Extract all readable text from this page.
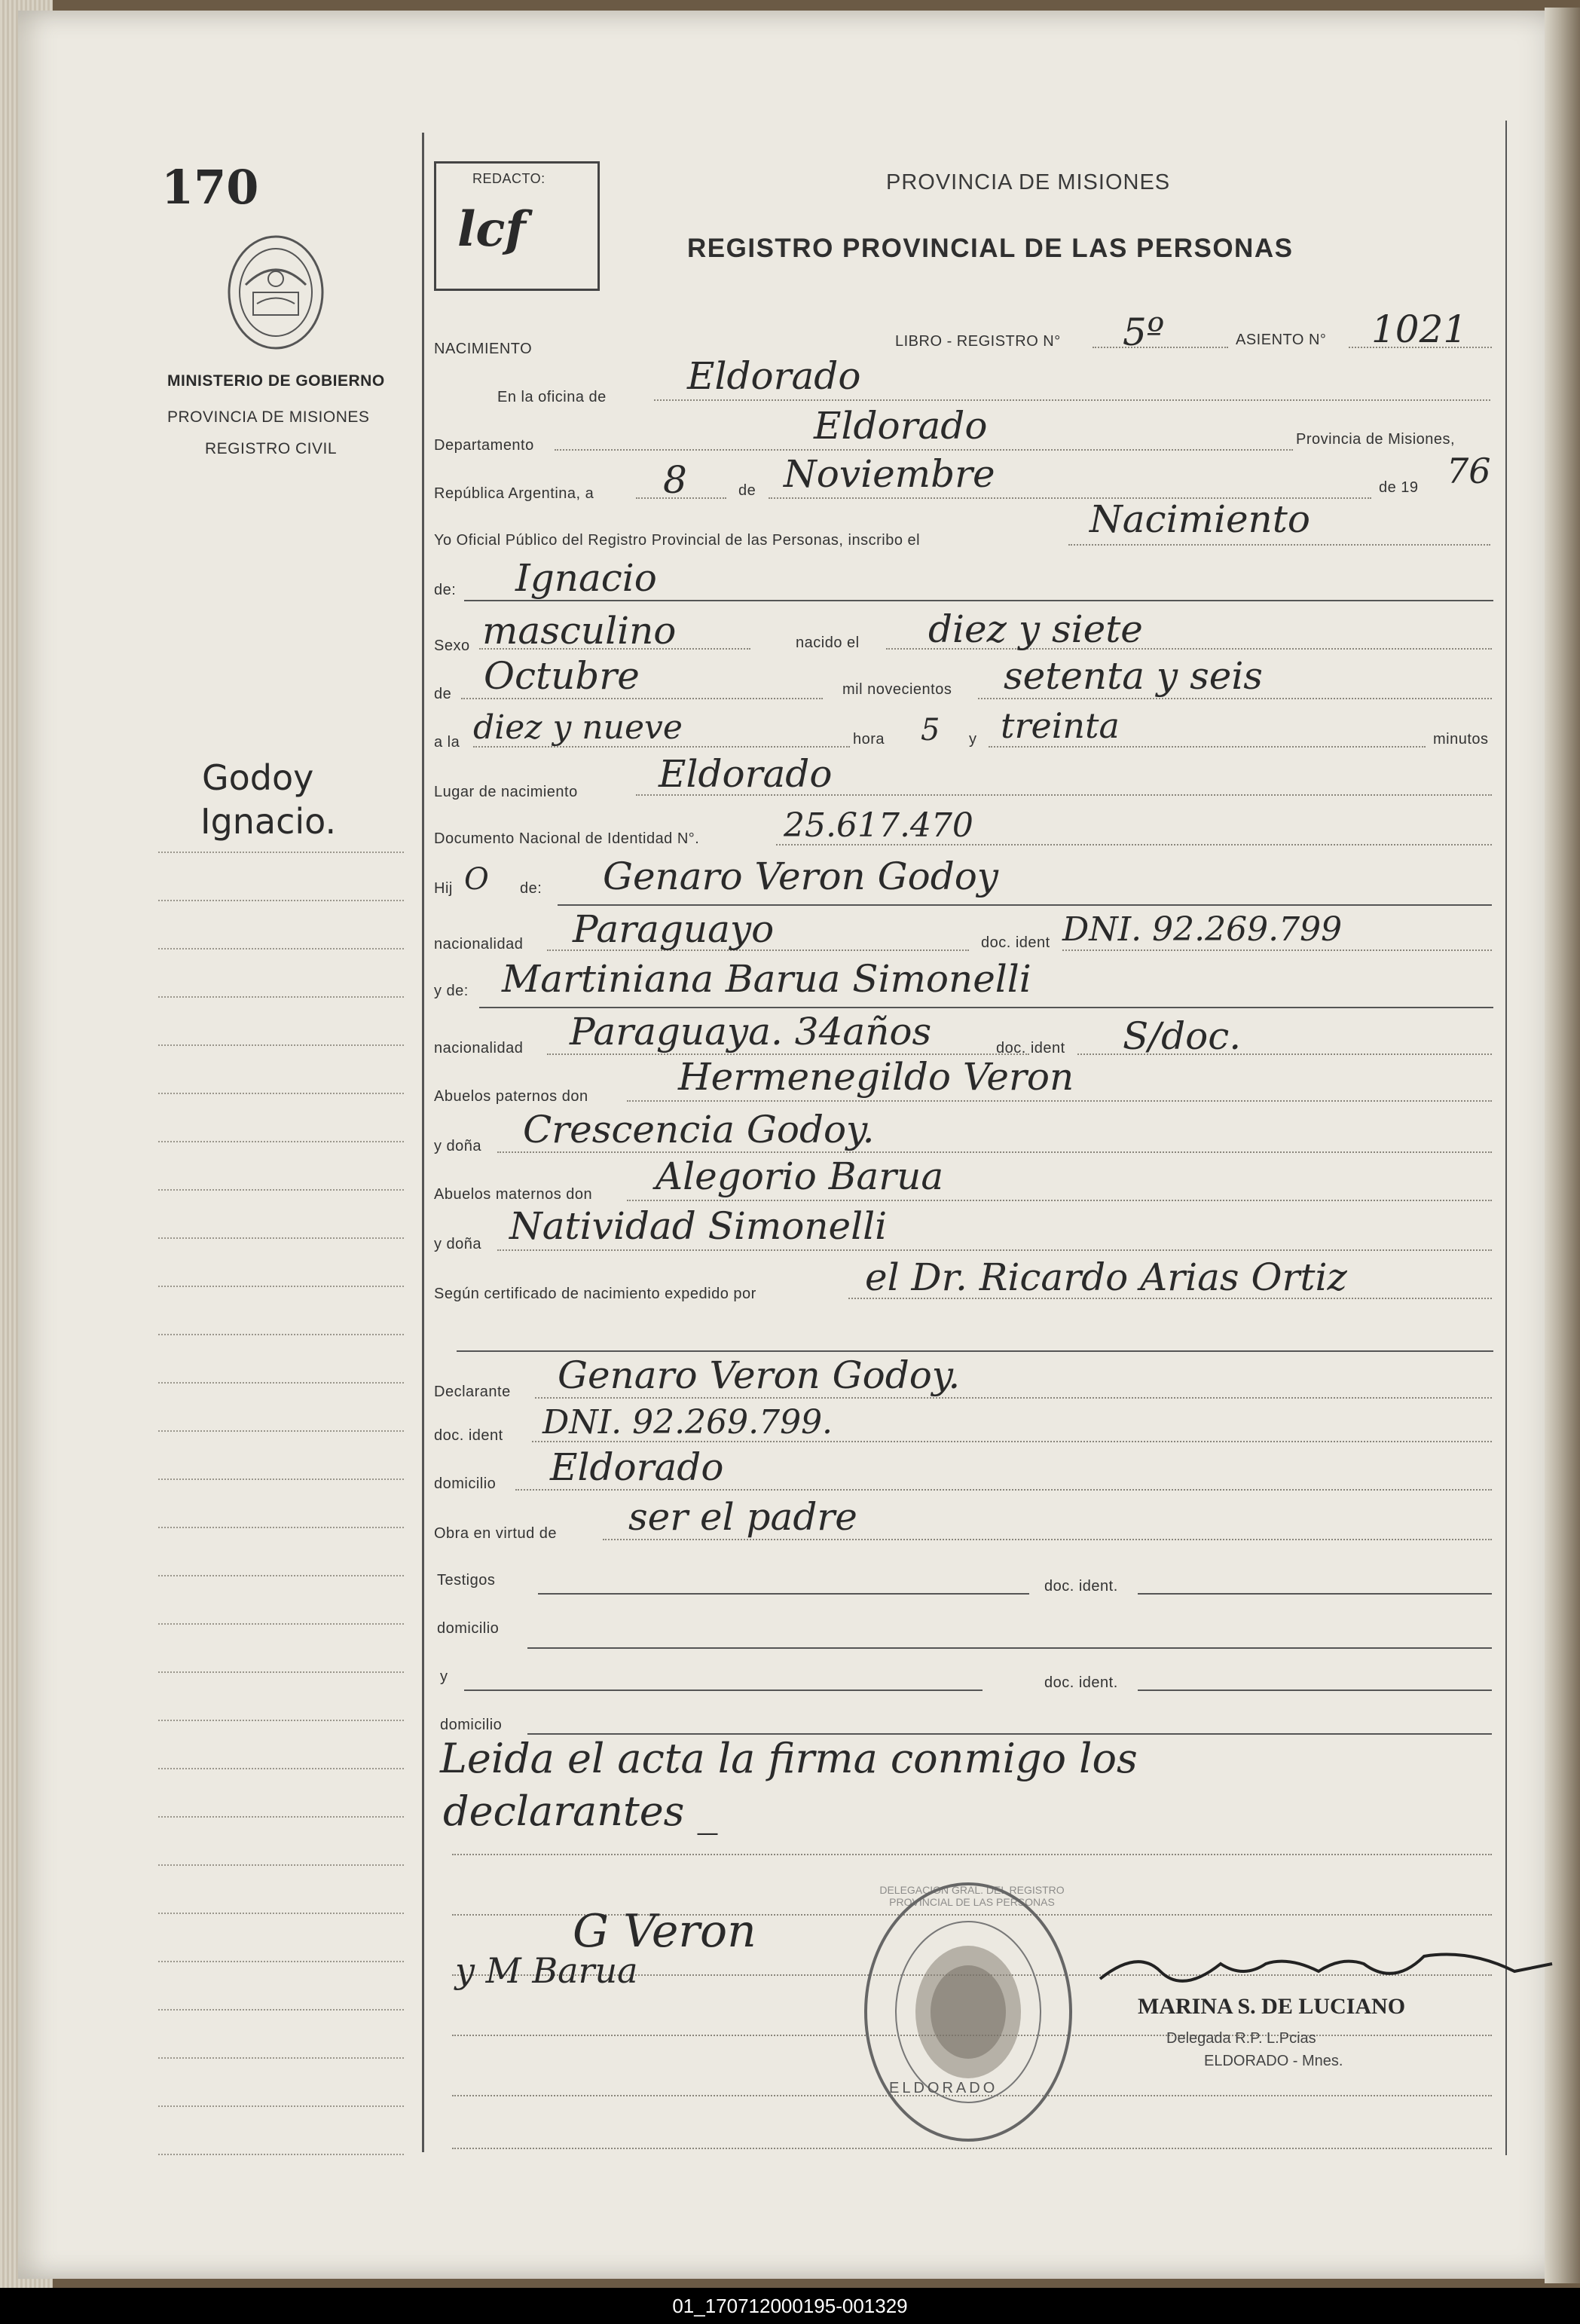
170
MINISTERIO DE GOBIERNO
PROVINCIA DE MISIONES
REGISTRO CIVIL
Godoy
Ignacio.
REDACTO:
lcf
PROVINCIA DE MISIONES
REGISTRO PROVINCIAL DE LAS PERSONAS
NACIMIENTO	LIBRO - REGISTRO N° 5º	ASIENTO N° 1021
En la oficina de Eldorado
Departamento	Eldorado	Provincia de Misiones,
República Argentina, a 8	de Noviembre	de 19 76
Yo Oficial Público del Registro Provincial de las Personas, inscribo el	Nacimiento
de: Ignacio
Sexo masculino	nacido el diez y siete
de Octubre	mil novecientos setenta y seis
a la diez y nueve	hora 5 y treinta	minutos
Lugar de nacimiento Eldorado
Documento Nacional de Identidad N°.	25.617.470
Hij O de: Genaro Veron Godoy
nacionalidad Paraguayo	doc. ident DNI. 92.269.799
y de: Martiniana Barua Simonelli
nacionalidad Paraguaya. 34años	doc. ident S/doc.
Abuelos paternos don Hermenegildo Veron
y doña Crescencia Godoy.
Abuelos maternos don Alegorio Barua
y doña Natividad Simonelli
Según certificado de nacimiento expedido por	el Dr. Ricardo Arias Ortiz
Declarante Genaro Veron Godoy.
doc. ident DNI. 92.269.799.
domicilio Eldorado
Obra en virtud de ser el padre
Testigos	doc. ident.
domicilio
y	doc. ident.
domicilio
Leida el acta la firma conmigo los
declarantes _
y M Barua
G Veron
ELDORADO
DELEGACION GRAL. DEL REGISTRO PROVINCIAL DE LAS PERSONAS
MARINA S. DE LUCIANO
Delegada R.P. L.Pcias
ELDORADO - Mnes.
01_170712000195-001329
